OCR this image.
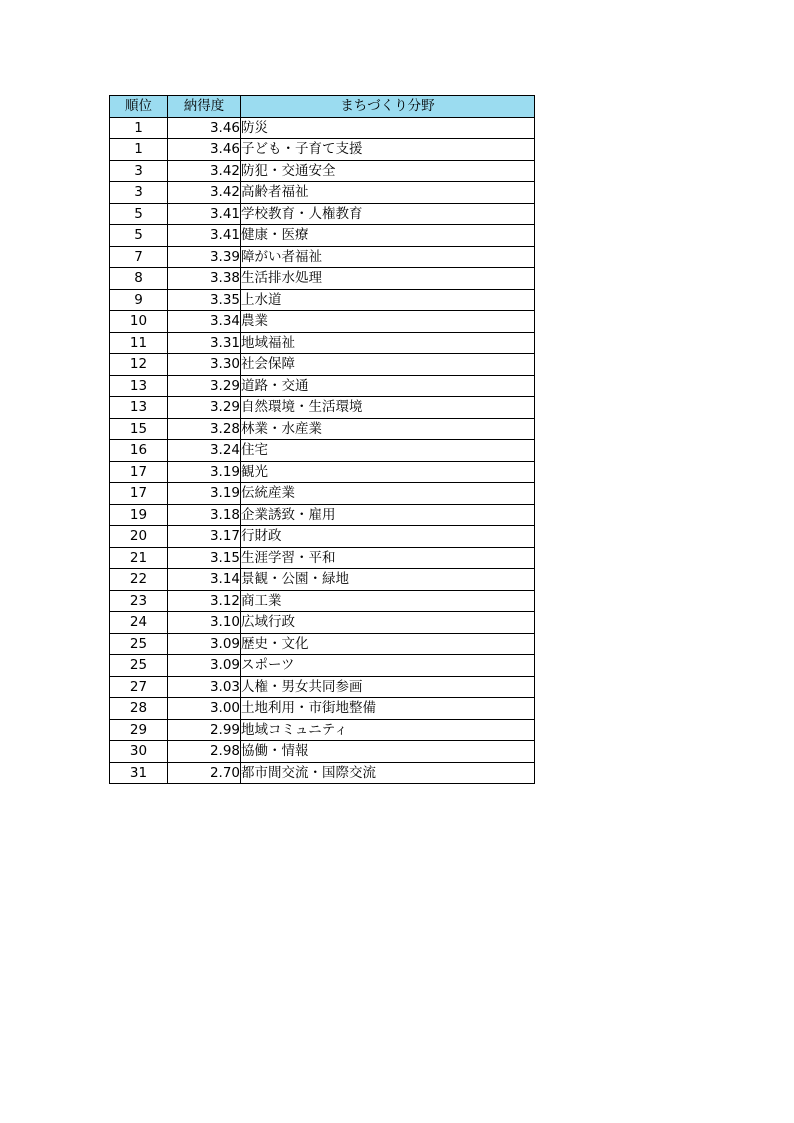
順位	納得度	まちづくり分野
1	3.46	防災
1	3.46	子ども・子育て支援
3	3.42	防犯・交通安全
3	3.42	高齢者福祉
5	3.41	学校教育・人権教育
5	3.41	健康・医療
7	3.39	障がい者福祉
8	3.38	生活排水処理
9	3.35	上水道
10	3.34	農業
11	3.31	地域福祉
12	3.30	社会保障
13	3.29	道路・交通
13	3.29	自然環境・生活環境
15	3.28	林業・水産業
16	3.24	住宅
17	3.19	観光
17	3.19	伝統産業
19	3.18	企業誘致・雇用
20	3.17	行財政
21	3.15	生涯学習・平和
22	3.14	景観・公園・緑地
23	3.12	商工業
24	3.10	広域行政
25	3.09	歴史・文化
25	3.09	スポーツ
27	3.03	人権・男女共同参画
28	3.00	土地利用・市街地整備
29	2.99	地域コミュニティ
30	2.98	協働・情報
31	2.70	都市間交流・国際交流
